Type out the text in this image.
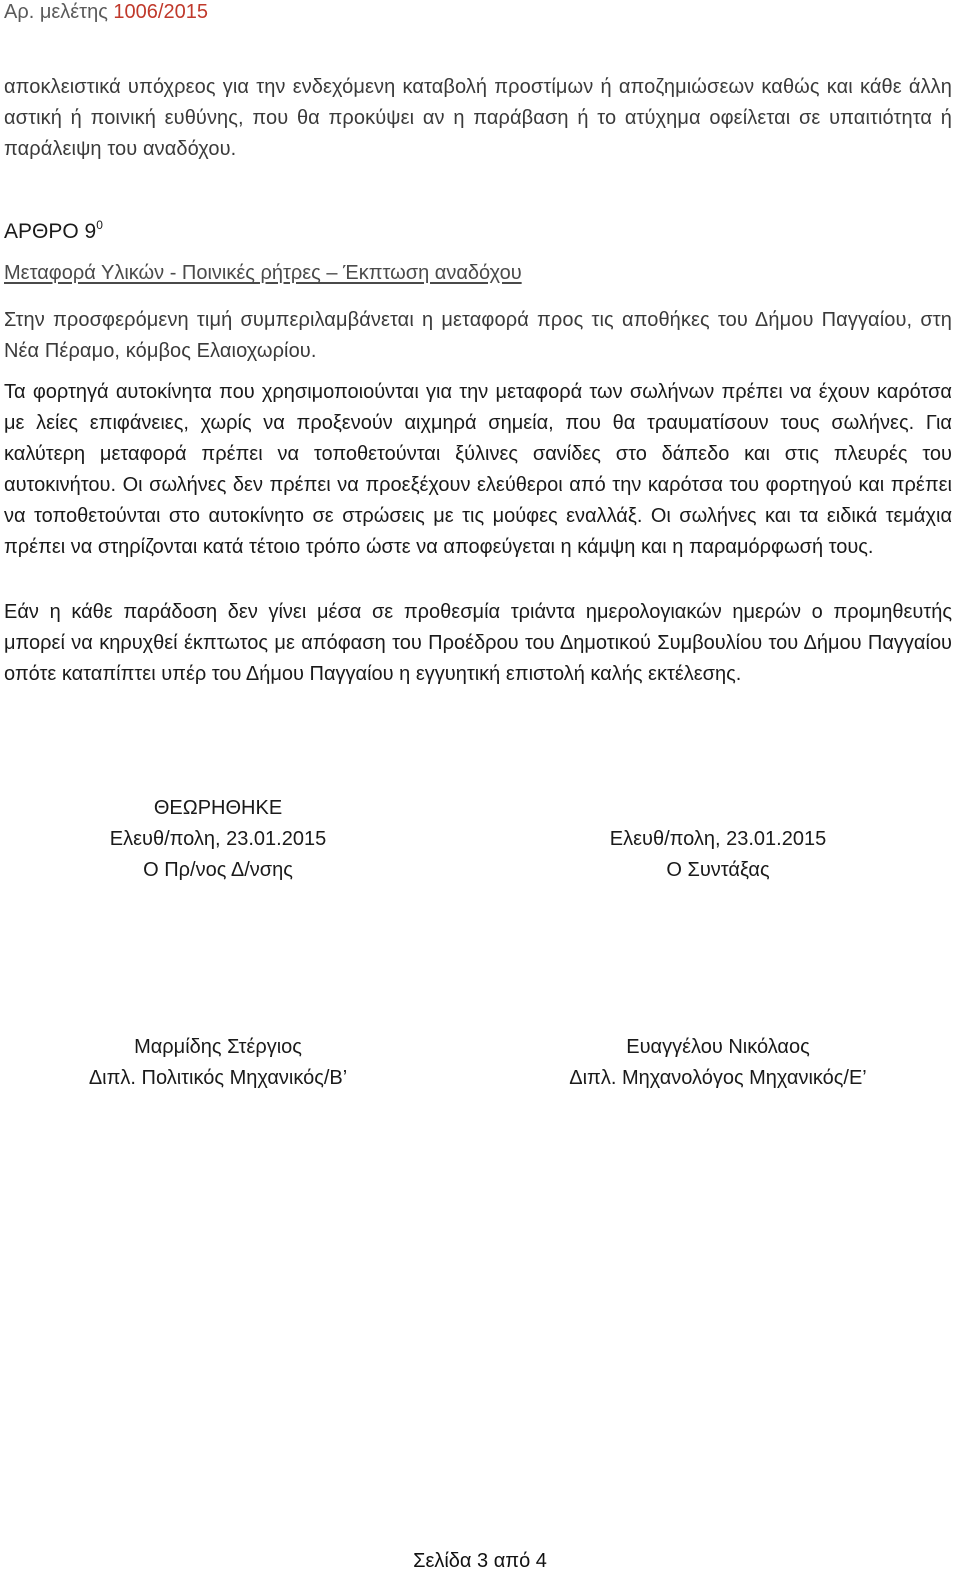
Αρ. μελέτης 1006/2015

αποκλειστικά υπόχρεος για την ενδεχόμενη καταβολή προστίμων ή αποζημιώσεων καθώς και κάθε άλλη αστική ή ποινική ευθύνης, που θα προκύψει αν η παράβαση ή το ατύχημα οφείλεται σε υπαιτιότητα ή παράλειψη του αναδόχου.

ΑΡΘΡΟ $9^0$
Μεταφορά Υλικών - Ποινικές ρήτρες – Έκπτωση αναδόχου

Στην προσφερόμενη τιμή συμπεριλαμβάνεται η μεταφορά προς τις αποθήκες του Δήμου Παγγαίου, στη Νέα Πέραμο, κόμβος Ελαιοχωρίου.

Τα φορτηγά αυτοκίνητα που χρησιμοποιούνται για την μεταφορά των σωλήνων πρέπει να έχουν καρότσα με λείες επιφάνειες, χωρίς να προξενούν αιχμηρά σημεία, που θα τραυματίσουν τους σωλήνες. Για καλύτερη μεταφορά πρέπει να τοποθετούνται ξύλινες σανίδες στο δάπεδο και στις πλευρές του αυτοκινήτου. Οι σωλήνες δεν πρέπει να προεξέχουν ελεύθεροι από την καρότσα του φορτηγού και πρέπει να τοποθετούνται στο αυτοκίνητο σε στρώσεις με τις μούφες εναλλάξ. Οι σωλήνες και τα ειδικά τεμάχια πρέπει να στηρίζονται κατά τέτοιο τρόπο ώστε να αποφεύγεται η κάμψη και η παραμόρφωσή τους.

Εάν η κάθε παράδοση δεν γίνει μέσα σε προθεσμία τριάντα ημερολογιακών ημερών ο προμηθευτής μπορεί να κηρυχθεί έκπτωτος με απόφαση του Προέδρου του Δημοτικού Συμβουλίου του Δήμου Παγγαίου οπότε καταπίπτει υπέρ του Δήμου Παγγαίου η εγγυητική επιστολή καλής εκτέλεσης.

ΘΕΩΡΗΘΗΚΕ
Ελευθ/πολη, 23.01.2015
Ο Πρ/νος Δ/νσης
Ελευθ/πολη, 23.01.2015
Ο Συντάξας
Μαρμίδης Στέργιος
Διπλ. Πολιτικός Μηχανικός/Β’
Ευαγγέλου Νικόλαος
Διπλ. Μηχανολόγος Μηχανικός/Ε’
Σελίδα 3 από 4
